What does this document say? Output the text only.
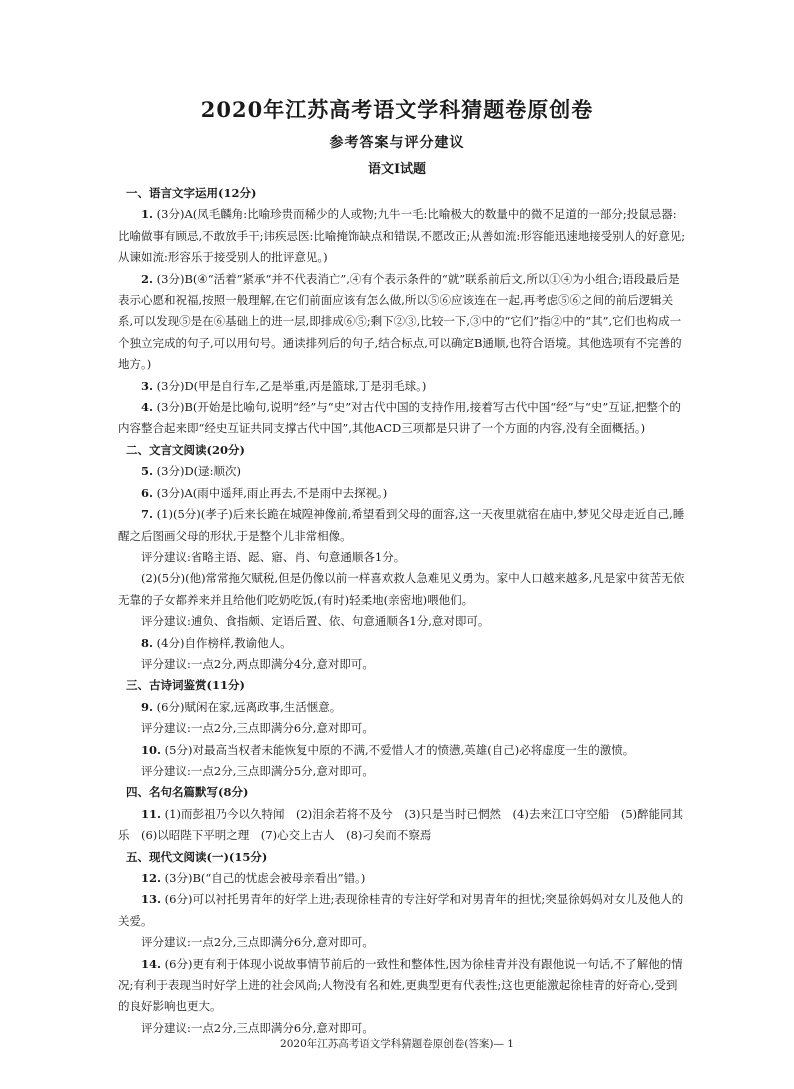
2020年江苏高考语文学科猜题卷原创卷
参考答案与评分建议
语文Ⅰ试题

一、语言文字运用(12分)

1. (3分)A(凤毛麟角:比喻珍贵而稀少的人或物;九牛一毛:比喻极大的数量中的微不足道的一部分;投鼠忌器:比喻做事有顾忌,不敢放手干;讳疾忌医:比喻掩饰缺点和错误,不愿改正;从善如流:形容能迅速地接受别人的好意见;从谏如流:形容乐于接受别人的批评意见。)

2. (3分)B(④“活着”紧承“并不代表消亡”,④有个表示条件的“就”联系前后文,所以①④为小组合;语段最后是表示心愿和祝福,按照一般理解,在它们前面应该有怎么做,所以⑤⑥应该连在一起,再考虑⑤⑥之间的前后逻辑关系,可以发现⑤是在⑥基础上的进一层,即排成⑥⑤;剩下②③,比较一下,③中的“它们”指②中的“其”,它们也构成一个独立完成的句子,可以用句号。通读排列后的句子,结合标点,可以确定B通顺,也符合语境。其他选项有不完善的地方。)

3. (3分)D(甲是自行车,乙是举重,丙是篮球,丁是羽毛球。)

4. (3分)B(开始是比喻句,说明“经”与“史”对古代中国的支持作用,接着写古代中国“经”与“史”互证,把整个的内容整合起来即“经史互证共同支撑古代中国”,其他ACD三项都是只讲了一个方面的内容,没有全面概括。)

二、文言文阅读(20分)

5. (3分)D(逯:顺次)

6. (3分)A(雨中遥拜,雨止再去,不是雨中去探视。)

7. (1)(5分)(孝子)后来长跪在城隍神像前,希望看到父母的面容,这一天夜里就宿在庙中,梦见父母走近自己,睡醒之后图画父母的形状,于是整个儿非常相像。

评分建议:省略主语、跽、寤、肖、句意通顺各1分。

(2)(5分)(他)常常拖欠赋税,但是仍像以前一样喜欢救人急难见义勇为。家中人口越来越多,凡是家中贫苦无依无靠的子女都养来并且给他们吃奶吃饭,(有时)轻柔地(亲密地)喂他们。

评分建议:逋负、食指颇、定语后置、依、句意通顺各1分,意对即可。

8. (4分)自作榜样,教谕他人。

评分建议:一点2分,两点即满分4分,意对即可。

三、古诗词鉴赏(11分)

9. (6分)赋闲在家,远离政事,生活惬意。

评分建议:一点2分,三点即满分6分,意对即可。

10. (5分)对最高当权者未能恢复中原的不满,不爱惜人才的愤懑,英雄(自己)必将虚度一生的激愤。

评分建议:一点2分,三点即满分5分,意对即可。

四、名句名篇默写(8分)

11. (1)而彭祖乃今以久特闻　(2)泪余若将不及兮　(3)只是当时已惘然　(4)去来江口守空船　(5)醉能同其乐　(6)以昭陛下平明之理　(7)心交上古人　(8)刁矣而不察焉

五、现代文阅读(一)(15分)

12. (3分)B(“自己的忧虑会被母亲看出”错。)

13. (6分)可以衬托男青年的好学上进;表现徐桂青的专注好学和对男青年的担忧;突显徐妈妈对女儿及他人的关爱。

评分建议:一点2分,三点即满分6分,意对即可。

14. (6分)更有利于体现小说故事情节前后的一致性和整体性,因为徐桂青并没有跟他说一句话,不了解他的情况;有利于表现当时好学上进的社会风尚;人物没有名和姓,更典型更有代表性;这也更能激起徐桂青的好奇心,受到的良好影响也更大。

评分建议:一点2分,三点即满分6分,意对即可。

2020年江苏高考语文学科猜题卷原创卷(答案)— 1
